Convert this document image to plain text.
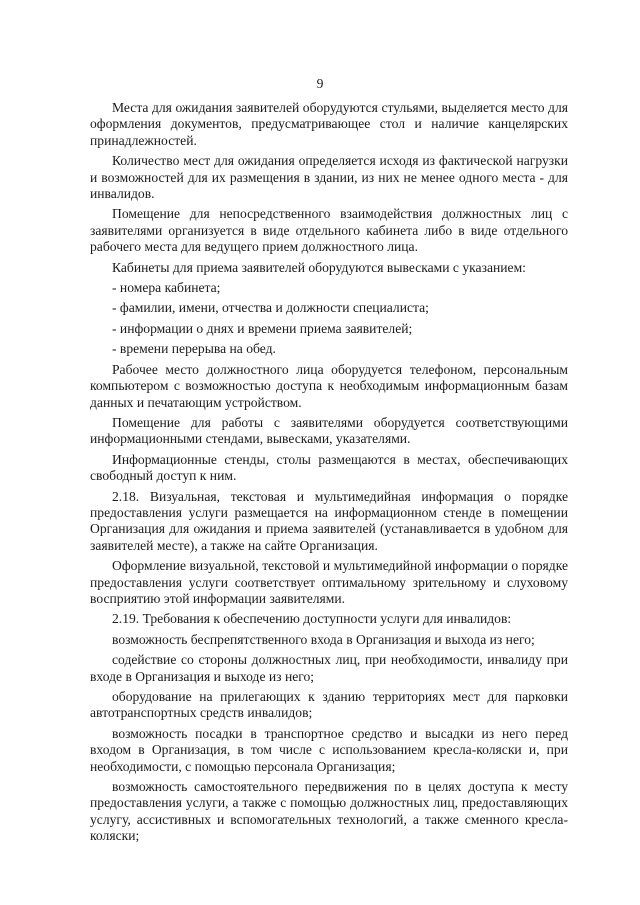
9

Места для ожидания заявителей оборудуются стульями, выделяется место для оформления документов, предусматривающее стол и наличие канцелярских принадлежностей.

Количество мест для ожидания определяется исходя из фактической нагрузки и возможностей для их размещения в здании, из них не менее одного места - для инвалидов.

Помещение для непосредственного взаимодействия должностных лиц с заявителями организуется в виде отдельного кабинета либо в виде отдельного рабочего места для ведущего прием должностного лица.

Кабинеты для приема заявителей оборудуются вывесками с указанием:

- номера кабинета;

- фамилии, имени, отчества и должности специалиста;

- информации о днях и времени приема заявителей;

- времени перерыва на обед.

Рабочее место должностного лица оборудуется телефоном, персональным компьютером с возможностью доступа к необходимым информационным базам данных и печатающим устройством.

Помещение для работы с заявителями оборудуется соответствующими информационными стендами, вывесками, указателями.

Информационные стенды, столы размещаются в местах, обеспечивающих свободный доступ к ним.

2.18. Визуальная, текстовая и мультимедийная информация о порядке предоставления услуги размещается на информационном стенде в помещении Организация для ожидания и приема заявителей (устанавливается в удобном для заявителей месте), а также на сайте Организация.

Оформление визуальной, текстовой и мультимедийной информации о порядке предоставления услуги соответствует оптимальному зрительному и слуховому восприятию этой информации заявителями.

2.19. Требования к обеспечению доступности услуги для инвалидов:

возможность беспрепятственного входа в Организация и выхода из него;

содействие со стороны должностных лиц, при необходимости, инвалиду при входе в Организация и выходе из него;

оборудование на прилегающих к зданию территориях мест для парковки автотранспортных средств инвалидов;

возможность посадки в транспортное средство и высадки из него перед входом в Организация, в том числе с использованием кресла-коляски и, при необходимости, с помощью персонала Организация;

возможность самостоятельного передвижения по в целях доступа к месту предоставления услуги, а также с помощью должностных лиц, предоставляющих услугу, ассистивных и вспомогательных технологий, а также сменного кресла-коляски;
